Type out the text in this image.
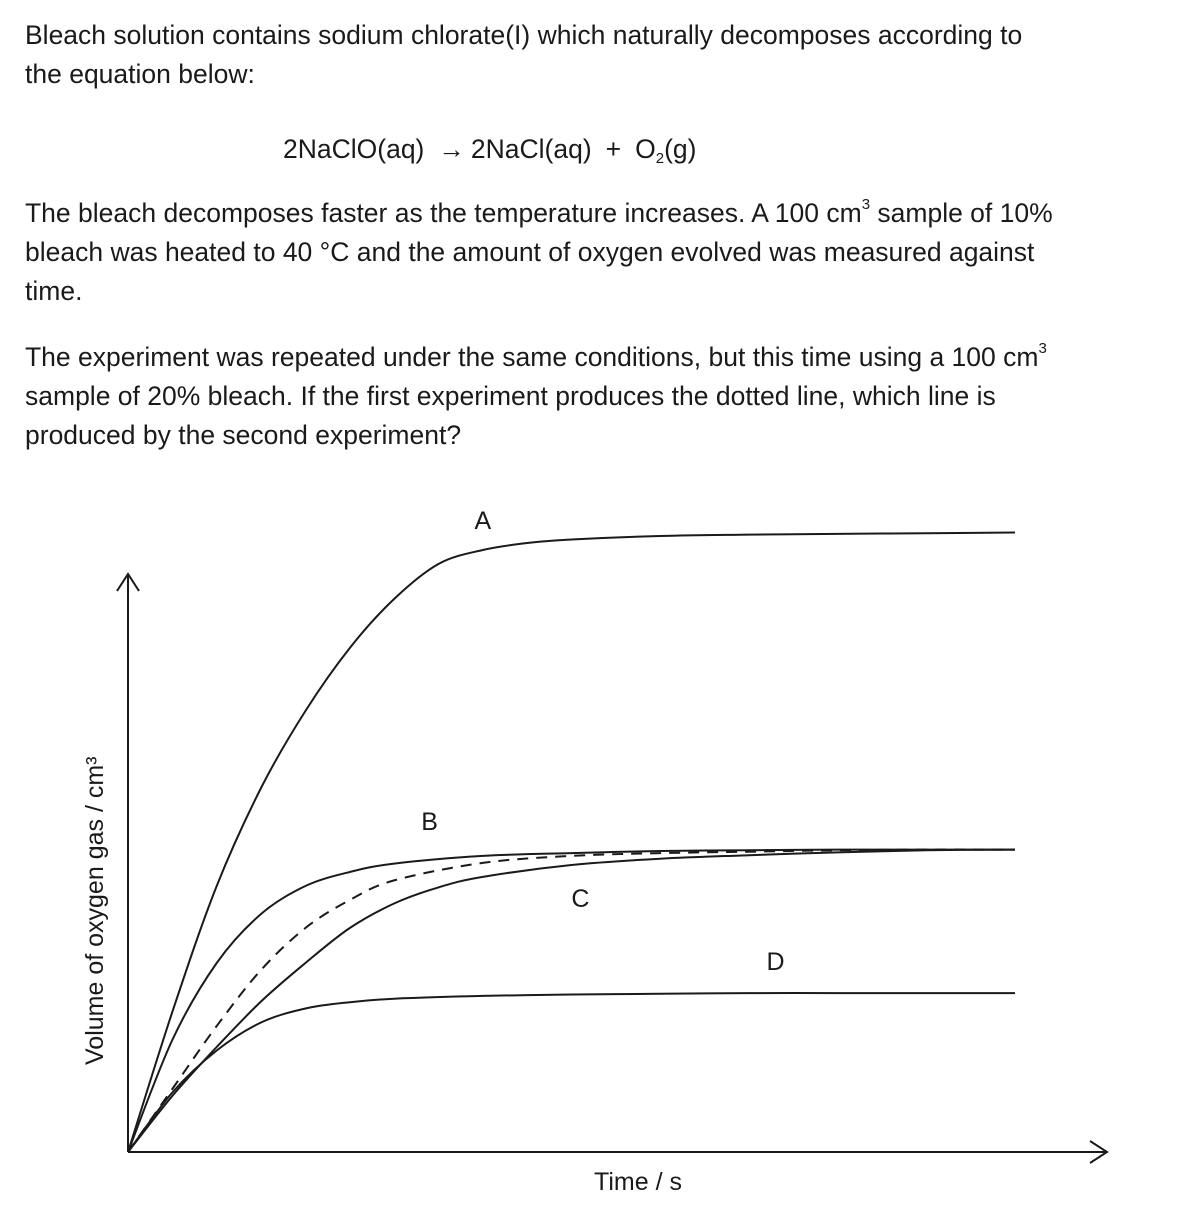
Bleach solution contains sodium chlorate(I) which naturally decomposes according to
the equation below:

2NaClO(aq) → 2NaCl(aq) + $O_2(g)$

The bleach decomposes faster as the temperature increases. A 100 $cm^3$ sample of 10%
bleach was heated to 40 °C and the amount of oxygen evolved was measured against
time.

The experiment was repeated under the same conditions, but this time using a 100 $cm^3$
sample of 20% bleach. If the first experiment produces the dotted line, which line is
produced by the second experiment?

Volume of oxygen gas / cm³
Time / s
A
B
C
D
